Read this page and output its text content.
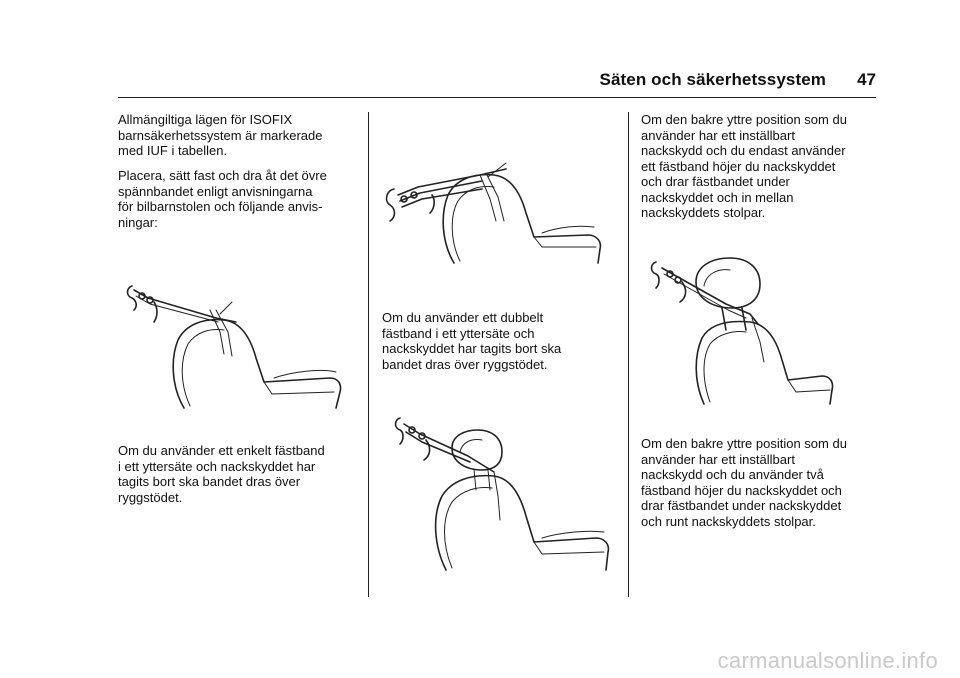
Säten och säkerhetssystem 47

Allmängiltiga lägen för ISOFIX
barnsäkerhetssystem är markerade
med IUF i tabellen.

Placera, sätt fast och dra åt det övre
spännbandet enligt anvisningarna
för bilbarnstolen och följande anvis-
ningar:

Om du använder ett enkelt fästband
i ett yttersäte och nackskyddet har
tagits bort ska bandet dras över
ryggstödet.

Om du använder ett dubbelt
fästband i ett yttersäte och
nackskyddet har tagits bort ska
bandet dras över ryggstödet.

Om den bakre yttre position som du
använder har ett inställbart
nackskydd och du endast använder
ett fästband höjer du nackskyddet
och drar fästbandet under
nackskyddet och in mellan
nackskyddets stolpar.

Om den bakre yttre position som du
använder har ett inställbart
nackskydd och du använder två
fästband höjer du nackskyddet och
drar fästbandet under nackskyddet
och runt nackskyddets stolpar.

carmanualsonline.info
